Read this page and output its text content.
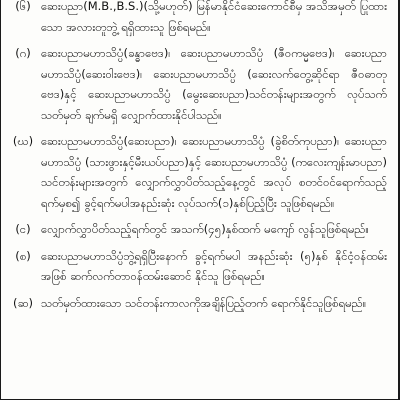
(၆) ဆေးပညာ(M.B.,B.S.)(သို့မဟုတ်) မြန်မာနိုင်ငံဆေးကောင်စီမှ အသိအမှတ် ပြုထားသော အလားတူဘွဲ့ ရရှိထားသူ ဖြစ်ရမည်။
(ဂ) ဆေးပညာမဟာသိပ္ပံ(ခန္ဓာဗေဒ)၊ ဆေးပညာမဟာသိပ္ပံ (ဇီဝကမ္မဗေဒ)၊ ဆေးပညာမဟာသိပ္ပံ(ဆေးဝါးဗေဒ)၊ ဆေးပညာမဟာသိပ္ပံ (ဆေးလက်တွေ့ဆိုင်ရာ ဇီဝဓာတုဗေဒ)နှင့် ဆေးပညာမဟာသိပ္ပံ (မွေးဆေးပညာ)သင်တန်းများအတွက် လုပ်သက်သတ်မှတ် ချက်မရှိ လျှောက်ထားနိုင်ပါသည်။
(ဃ) ဆေးပညာမဟာသိပ္ပံ(ဆေးပညာ)၊ ဆေးပညာမဟာသိပ္ပံ (ခွဲစိတ်ကုပညာ)၊ ဆေးပညာမဟာသိပ္ပံ (သားဖွားနှင့်မီးယပ်ပညာ)နှင့် ဆေးပညာမဟာသိပ္ပံ (ကလေးကျန်းမာပညာ) သင်တန်းများအတွက် လျှောက်လွှာပိတ်သည့်နေ့တွင် အလုပ် စတင်ဝင်ရောက်သည့်ရက်မှစ၍ ခွင့်ရက်မပါအနည်းဆုံး လုပ်သက်(၁)နှစ်ပြည့်ပြီး သူဖြစ်ရမည်။
(င) လျှောက်လွှာပိတ်သည့်ရက်တွင် အသက်(၄၅)နှစ်ထက် မကျော် လွန်သူဖြစ်ရမည်။
(စ) ဆေးပညာမဟာသိပ္ပံဘွဲ့ရရှိပြီးနောက် ခွင့်ရက်မပါ အနည်းဆုံး (၅)နှစ် နိုင်ငံ့ဝန်ထမ်းအဖြစ် ဆက်လက်တာဝန်ထမ်းဆောင် နိုင်သူ ဖြစ်ရမည်။
(ဆ) သတ်မှတ်ထားသော သင်တန်းကာလကိုအချိန်ပြည့်တက် ရောက်နိုင်သူဖြစ်ရမည်။
